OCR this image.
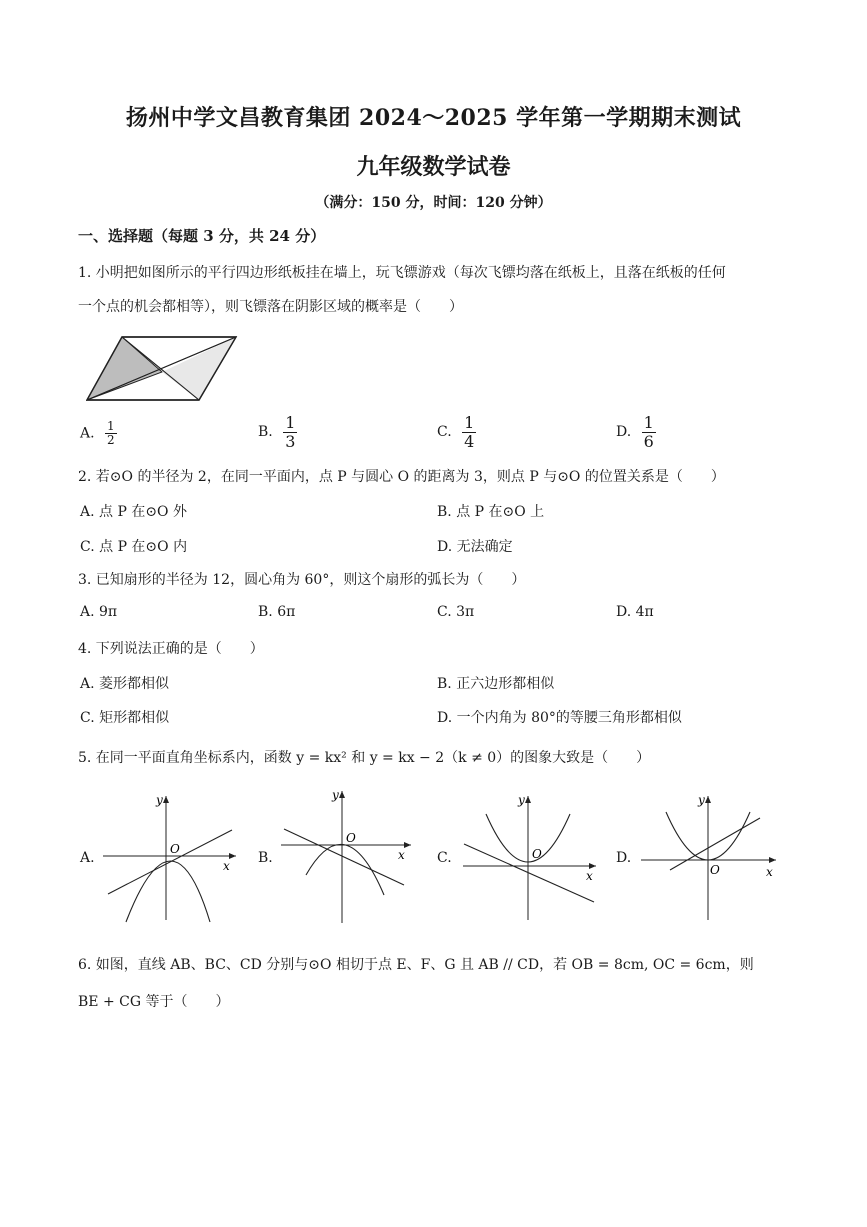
扬州中学文昌教育集团 2024～2025 学年第一学期期末测试
九年级数学试卷
（满分：150 分，时间：120 分钟）
一、选择题（每题 3 分，共 24 分）
1. 小明把如图所示的平行四边形纸板挂在墙上，玩飞镖游戏（每次飞镖均落在纸板上，且落在纸板的任何
一个点的机会都相等），则飞镖落在阴影区域的概率是（　　）
A. $\frac{1}{2}$	B. $\frac{1}{3}$	C. $\frac{1}{4}$	D. $\frac{1}{6}$
2. 若⊙O 的半径为 2，在同一平面内，点 P 与圆心 O 的距离为 3，则点 P 与⊙O 的位置关系是（　　）
A. 点 P 在⊙O 外	B. 点 P 在⊙O 上
C. 点 P 在⊙O 内	D. 无法确定
3. 已知扇形的半径为 12，圆心角为 60°，则这个扇形的弧长为（　　）
A. 9π	B. 6π	C. 3π	D. 4π
4. 下列说法正确的是（　　）
A. 菱形都相似	B. 正六边形都相似
C. 矩形都相似	D. 一个内角为 80°的等腰三角形都相似
5. 在同一平面直角坐标系内，函数 y = kx² 和 y = kx − 2（k ≠ 0）的图象大致是（　　）
A.
O
x
y
B.
O
x
y
C.	O
x
y
D.
O	x
y
6. 如图，直线 AB、BC、CD 分别与⊙O 相切于点 E、F、G 且 AB // CD，若 OB = 8cm, OC = 6cm，则
BE + CG 等于（　　）
